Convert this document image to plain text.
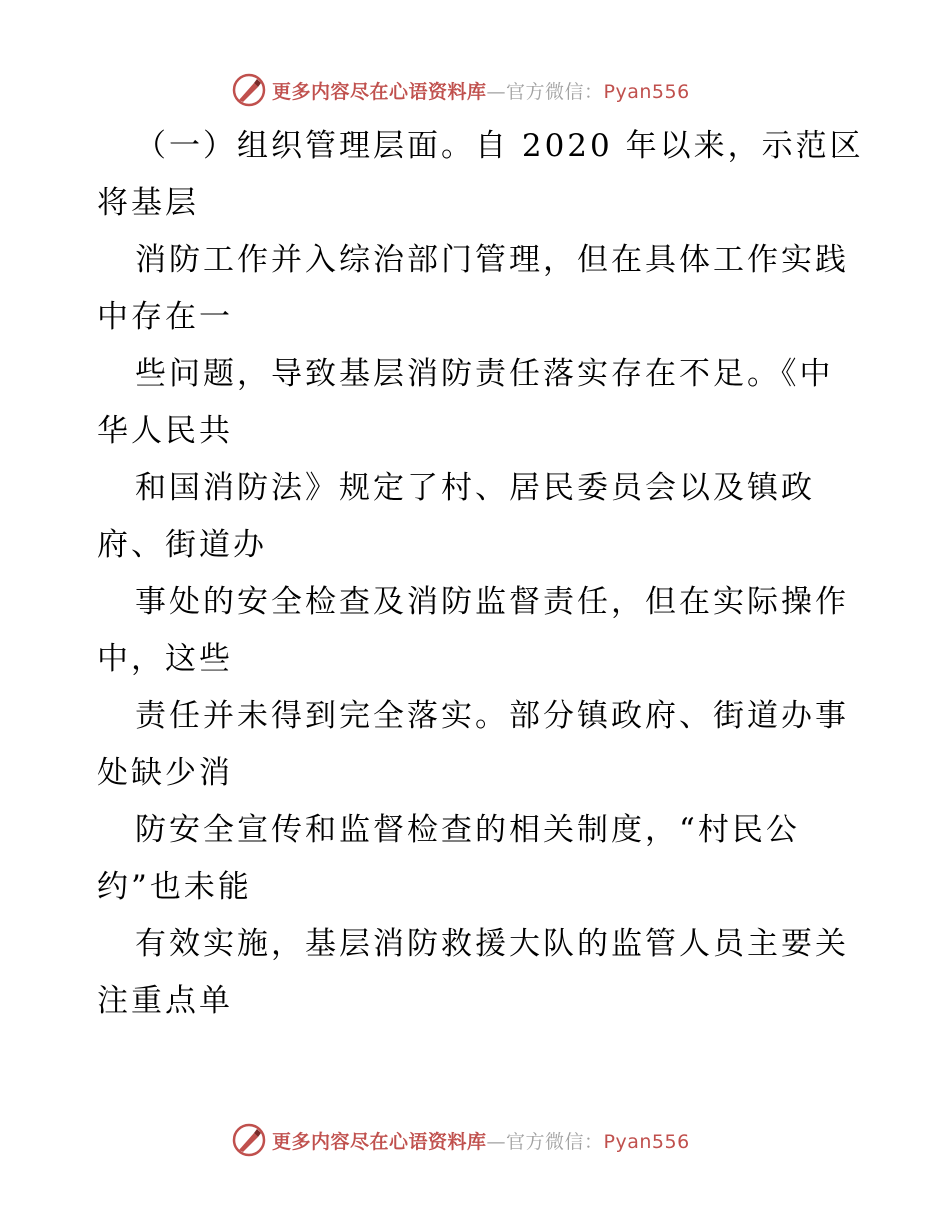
更多内容尽在心语资料库—官方微信：Pyan556
（一）组织管理层面。自 2020 年以来，示范区
将基层
消防工作并入综治部门管理，但在具体工作实践
中存在一
些问题，导致基层消防责任落实存在不足。《中
华人民共
和国消防法》规定了村、居民委员会以及镇政
府、街道办
事处的安全检查及消防监督责任，但在实际操作
中，这些
责任并未得到完全落实。部分镇政府、街道办事
处缺少消
防安全宣传和监督检查的相关制度，“村民公
约”也未能
有效实施，基层消防救援大队的监管人员主要关
注重点单
更多内容尽在心语资料库—官方微信：Pyan556
